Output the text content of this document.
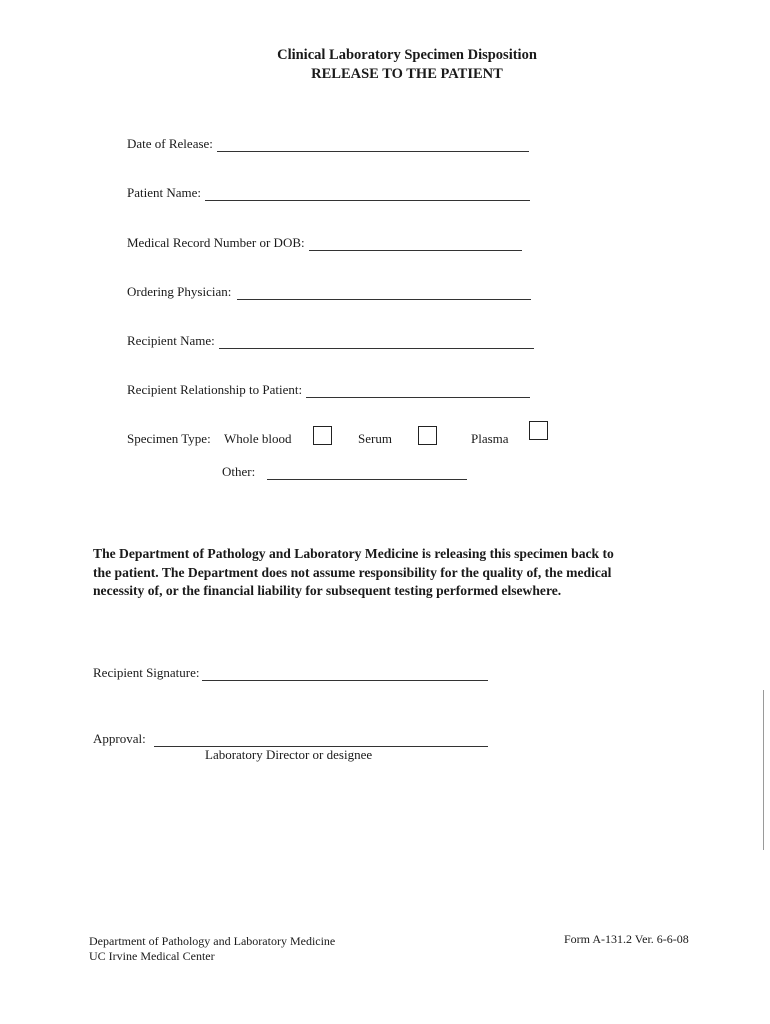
Clinical Laboratory Specimen Disposition
RELEASE TO THE PATIENT
Date of Release:
Patient Name:
Medical Record Number or DOB:
Ordering Physician:
Recipient Name:
Recipient Relationship to Patient:
Specimen Type: Whole blood	Serum	Plasma
Other:
The Department of Pathology and Laboratory Medicine is releasing this specimen back to
the patient. The Department does not assume responsibility for the quality of, the medical
necessity of, or the financial liability for subsequent testing performed elsewhere.
Recipient Signature:
Approval:
Laboratory Director or designee
Department of Pathology and Laboratory Medicine
UC Irvine Medical Center
Form A-131.2 Ver. 6-6-08
